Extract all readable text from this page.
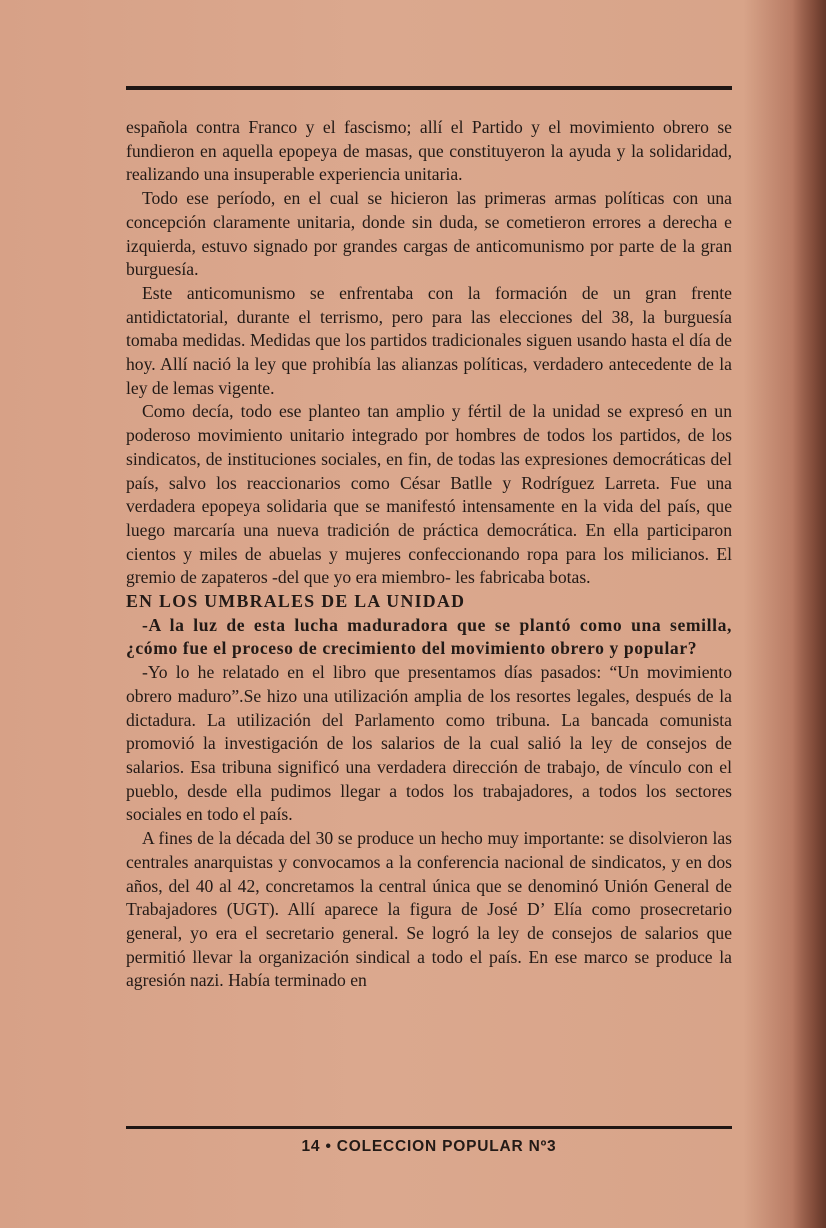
española contra Franco y el fascismo; allí el Partido y el movimiento obrero se fundieron en aquella epopeya de masas, que constituyeron la ayuda y la solidaridad, realizando una insuperable experiencia unitaria.

Todo ese período, en el cual se hicieron las primeras armas políticas con una concepción claramente unitaria, donde sin duda, se cometieron errores a derecha e izquierda, estuvo signado por grandes cargas de anticomunismo por parte de la gran burguesía.

Este anticomunismo se enfrentaba con la formación de un gran frente antidictatorial, durante el terrismo, pero para las elecciones del 38, la burguesía tomaba medidas. Medidas que los partidos tradicionales siguen usando hasta el día de hoy. Allí nació la ley que prohibía las alianzas políticas, verdadero antecedente de la ley de lemas vigente.

Como decía, todo ese planteo tan amplio y fértil de la unidad se expresó en un poderoso movimiento unitario integrado por hombres de todos los partidos, de los sindicatos, de instituciones sociales, en fin, de todas las expresiones democráticas del país, salvo los reaccionarios como César Batlle y Rodríguez Larreta. Fue una verdadera epopeya solidaria que se manifestó intensamente en la vida del país, que luego marcaría una nueva tradición de práctica democrática. En ella participaron cientos y miles de abuelas y mujeres confeccionando ropa para los milicianos. El gremio de zapateros -del que yo era miembro- les fabricaba botas.

EN LOS UMBRALES DE LA UNIDAD

-A la luz de esta lucha maduradora que se plantó como una semilla, ¿cómo fue el proceso de crecimiento del movimiento obrero y popular?

-Yo lo he relatado en el libro que presentamos días pasados: “Un movimiento obrero maduro”.Se hizo una utilización amplia de los resortes legales, después de la dictadura. La utilización del Parlamento como tribuna. La bancada comunista promovió la investigación de los salarios de la cual salió la ley de consejos de salarios. Esa tribuna significó una verdadera dirección de trabajo, de vínculo con el pueblo, desde ella pudimos llegar a todos los trabajadores, a todos los sectores sociales en todo el país.

A fines de la década del 30 se produce un hecho muy importante: se disolvieron las centrales anarquistas y convocamos a la conferencia nacional de sindicatos, y en dos años, del 40 al 42, concretamos la central única que se denominó Unión General de Trabajadores (UGT). Allí aparece la figura de José D’ Elía como prosecretario general, yo era el secretario general. Se logró la ley de consejos de salarios que permitió llevar la organización sindical a todo el país. En ese marco se produce la agresión nazi. Había terminado en

14 • COLECCION POPULAR Nº3
